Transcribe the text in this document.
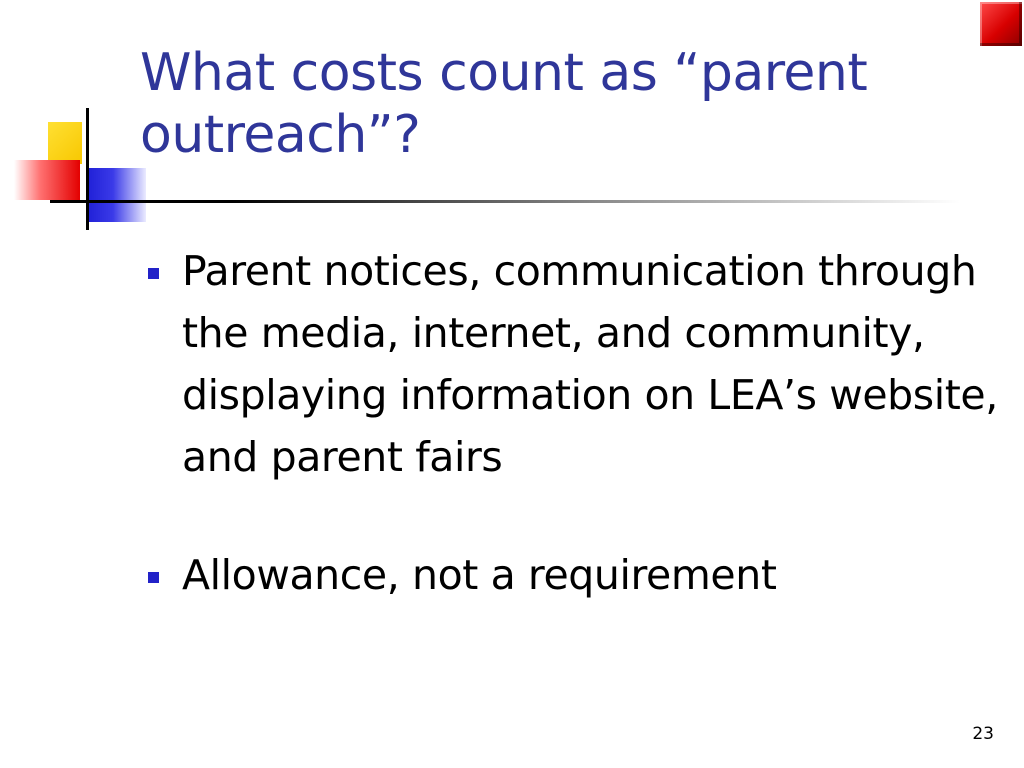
What costs count as “parent outreach”?
Parent notices, communication through the media, internet, and community, displaying information on LEA’s website, and parent fairs
Allowance, not a requirement
23
